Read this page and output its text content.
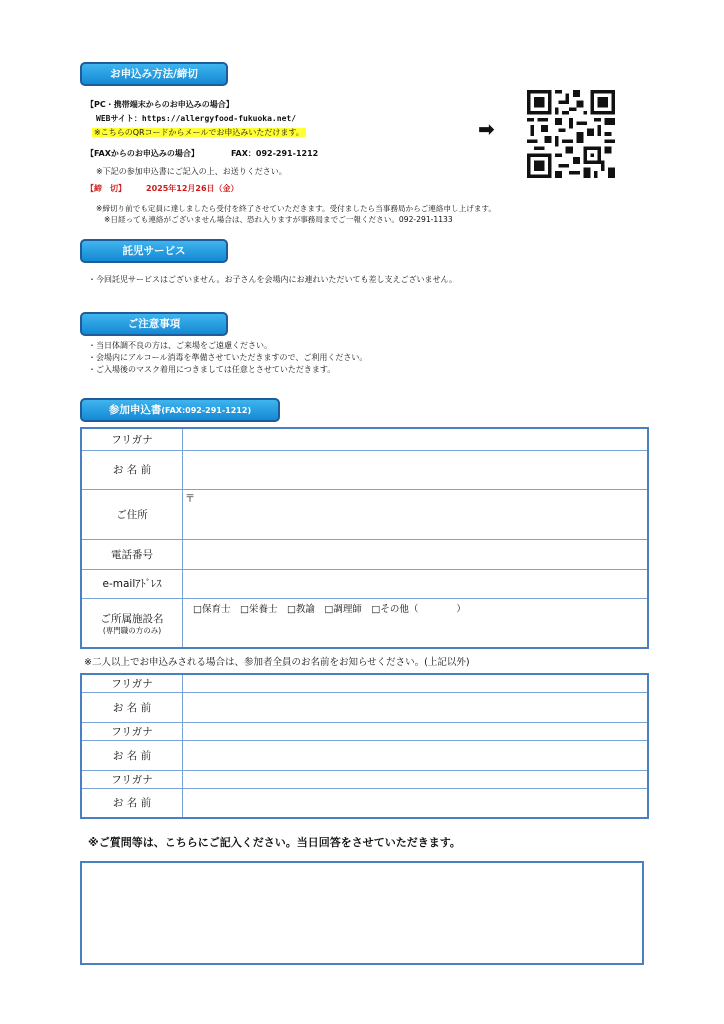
お申込み方法/締切
【PC・携帯端末からのお申込みの場合】
WEBサイト：https://allergyfood-fukuoka.net/
※こちらのQRコードからメールでお申込みいただけます。
【FAXからのお申込みの場合】	FAX：092-291-1212
※下記の参加申込書にご記入の上、お送りください。
【締　切】	2025年12月26日（金）
※締切り前でも定員に達しましたら受付を終了させていただきます。受付ましたら当事務局からご連絡申し上げます。
※日経っても連絡がございません場合は、恐れ入りますが事務局までご一報ください。092-291-1133
➡
託児サービス
・今回託児サービスはございません。お子さんを会場内にお連れいただいても差し支えございません。
ご注意事項
・当日体調不良の方は、ご来場をご遠慮ください。
・会場内にアルコール消毒を準備させていただきますので、ご利用ください。
・ご入場後のマスク着用につきましては任意とさせていただきます。
参加申込書(FAX:092-291-1212)
フリガナ	
お 名 前	
ご住所	〒
電話番号	
e-mailｱﾄﾞﾚｽ	
ご所属施設名
(専門職の方のみ)	□保育士　□栄養士　□教諭　□調理師　□その他（　　　　）
※二人以上でお申込みされる場合は、参加者全員のお名前をお知らせください。(上記以外)
フリガナ	
お 名 前	
フリガナ	
お 名 前	
フリガナ	
お 名 前	
※ご質問等は、こちらにご記入ください。当日回答をさせていただきます。
